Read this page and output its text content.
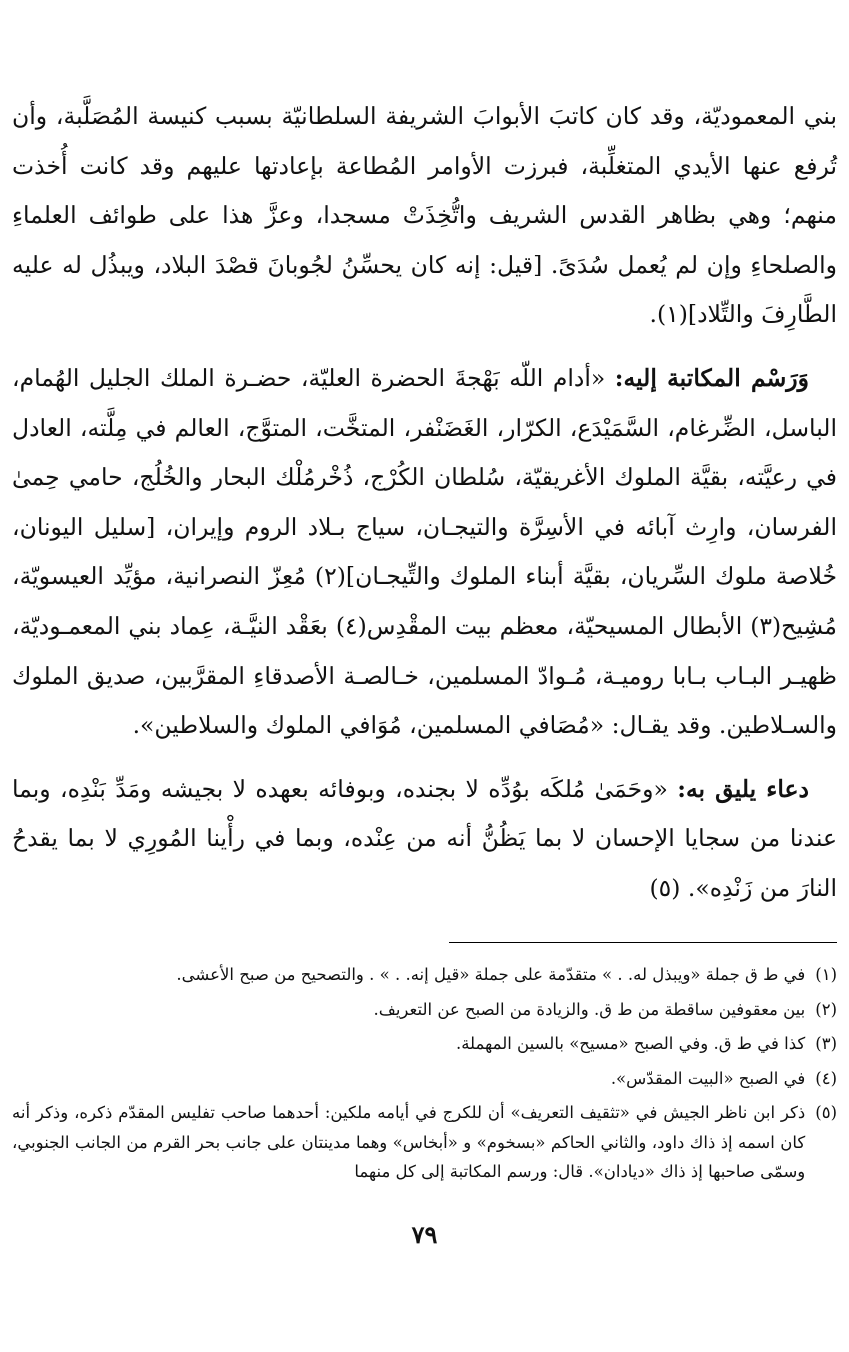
بني المعموديّة، وقد كان كاتبَ الأبوابَ الشريفة السلطانيّة بسبب كنيسة المُصَلَّبة، وأن تُرفع عنها الأيدي المتغلِّبة، فبرزت الأوامر المُطاعة بإعادتها عليهم وقد كانت أُخذت منهم؛ وهي بظاهر القدس الشريف واتُّخِذَتْ مسجدا، وعزَّ هذا على طوائف العلماءِ والصلحاءِ وإن لم يُعمل سُدَىً. [قيل: إنه كان يحسِّنُ لجُوبانَ قصْدَ البلاد، ويبذُل له عليه الطَّارِفَ والتِّلاد](١).

وَرَسْم المكاتبة إليه: «أدام اللّه بَهْجةَ الحضرة العليّة، حضـرة الملك الجليل الهُمام، الباسل، الضِّرغام، السَّمَيْدَع، الكرّار، الغَضَنْفر، المتخَّت، المتوَّج، العالم في مِلَّته، العادل في رعيَّته، بقيَّة الملوك الأغريقيّة، سُلطان الكُرْج، ذُخْرمُلْك البحار والخُلُج، حامي حِمىٰ الفرسان، وارِث آبائه في الأسِرَّة والتيجـان، سياج بـلاد الروم وإيران، [سليل اليونان، خُلاصة ملوك السِّريان، بقيَّة أبناء الملوك والتِّيجـان](٢) مُعِزّ النصرانية، مؤيِّد العيسويّة، مُشِيح(٣) الأبطال المسيحيّة، معظم بيت المقْدِس(٤) بعَقْد النيَّـة، عِماد بني المعمـوديّة، ظهيـر البـاب بـابا روميـة، مُـوادّ المسلمين، خـالصـة الأصدقاءِ المقرَّبين، صديق الملوك والسـلاطين. وقد يقـال: «مُصَافي المسلمين، مُوَافي الملوك والسلاطين».

دعاء يليق به: «وحَمَىٰ مُلكَه بوُدِّه لا بجنده، وبوفائه بعهده لا بجيشه ومَدِّ بَنْدِه، وبما عندنا من سجايا الإحسان لا بما يَظُنُّ أنه من عِنْده، وبما في رأْينا المُورِي لا بما يقدحُ النارَ من زَنْدِه». (٥)

(١)
في ط ق جملة «ويبذل له. . » متقدّمة على جملة «قيل إنه. . » . والتصحيح من صبح الأعشى.
(٢)
بين معقوفين ساقطة من ط ق. والزيادة من الصبح عن التعريف.
(٣)
كذا في ط ق. وفي الصبح «مسيح» بالسين المهملة.
(٤)
في الصبح «البيت المقدّس».
(٥)
ذكر ابن ناظر الجيش في «تثقيف التعريف» أن للكرج في أيامه ملكين: أحدهما صاحب تفليس المقدّم ذكره، وذكر أنه كان اسمه إذ ذاك داود، والثاني الحاكم «بسخوم» و «أبخاس» وهما مدينتان على جانب بحر القرم من الجانب الجنوبي، وسمّى صاحبها إذ ذاك «دیادان». قال: ورسم المكاتبة إلى كل منهما
٧٩
